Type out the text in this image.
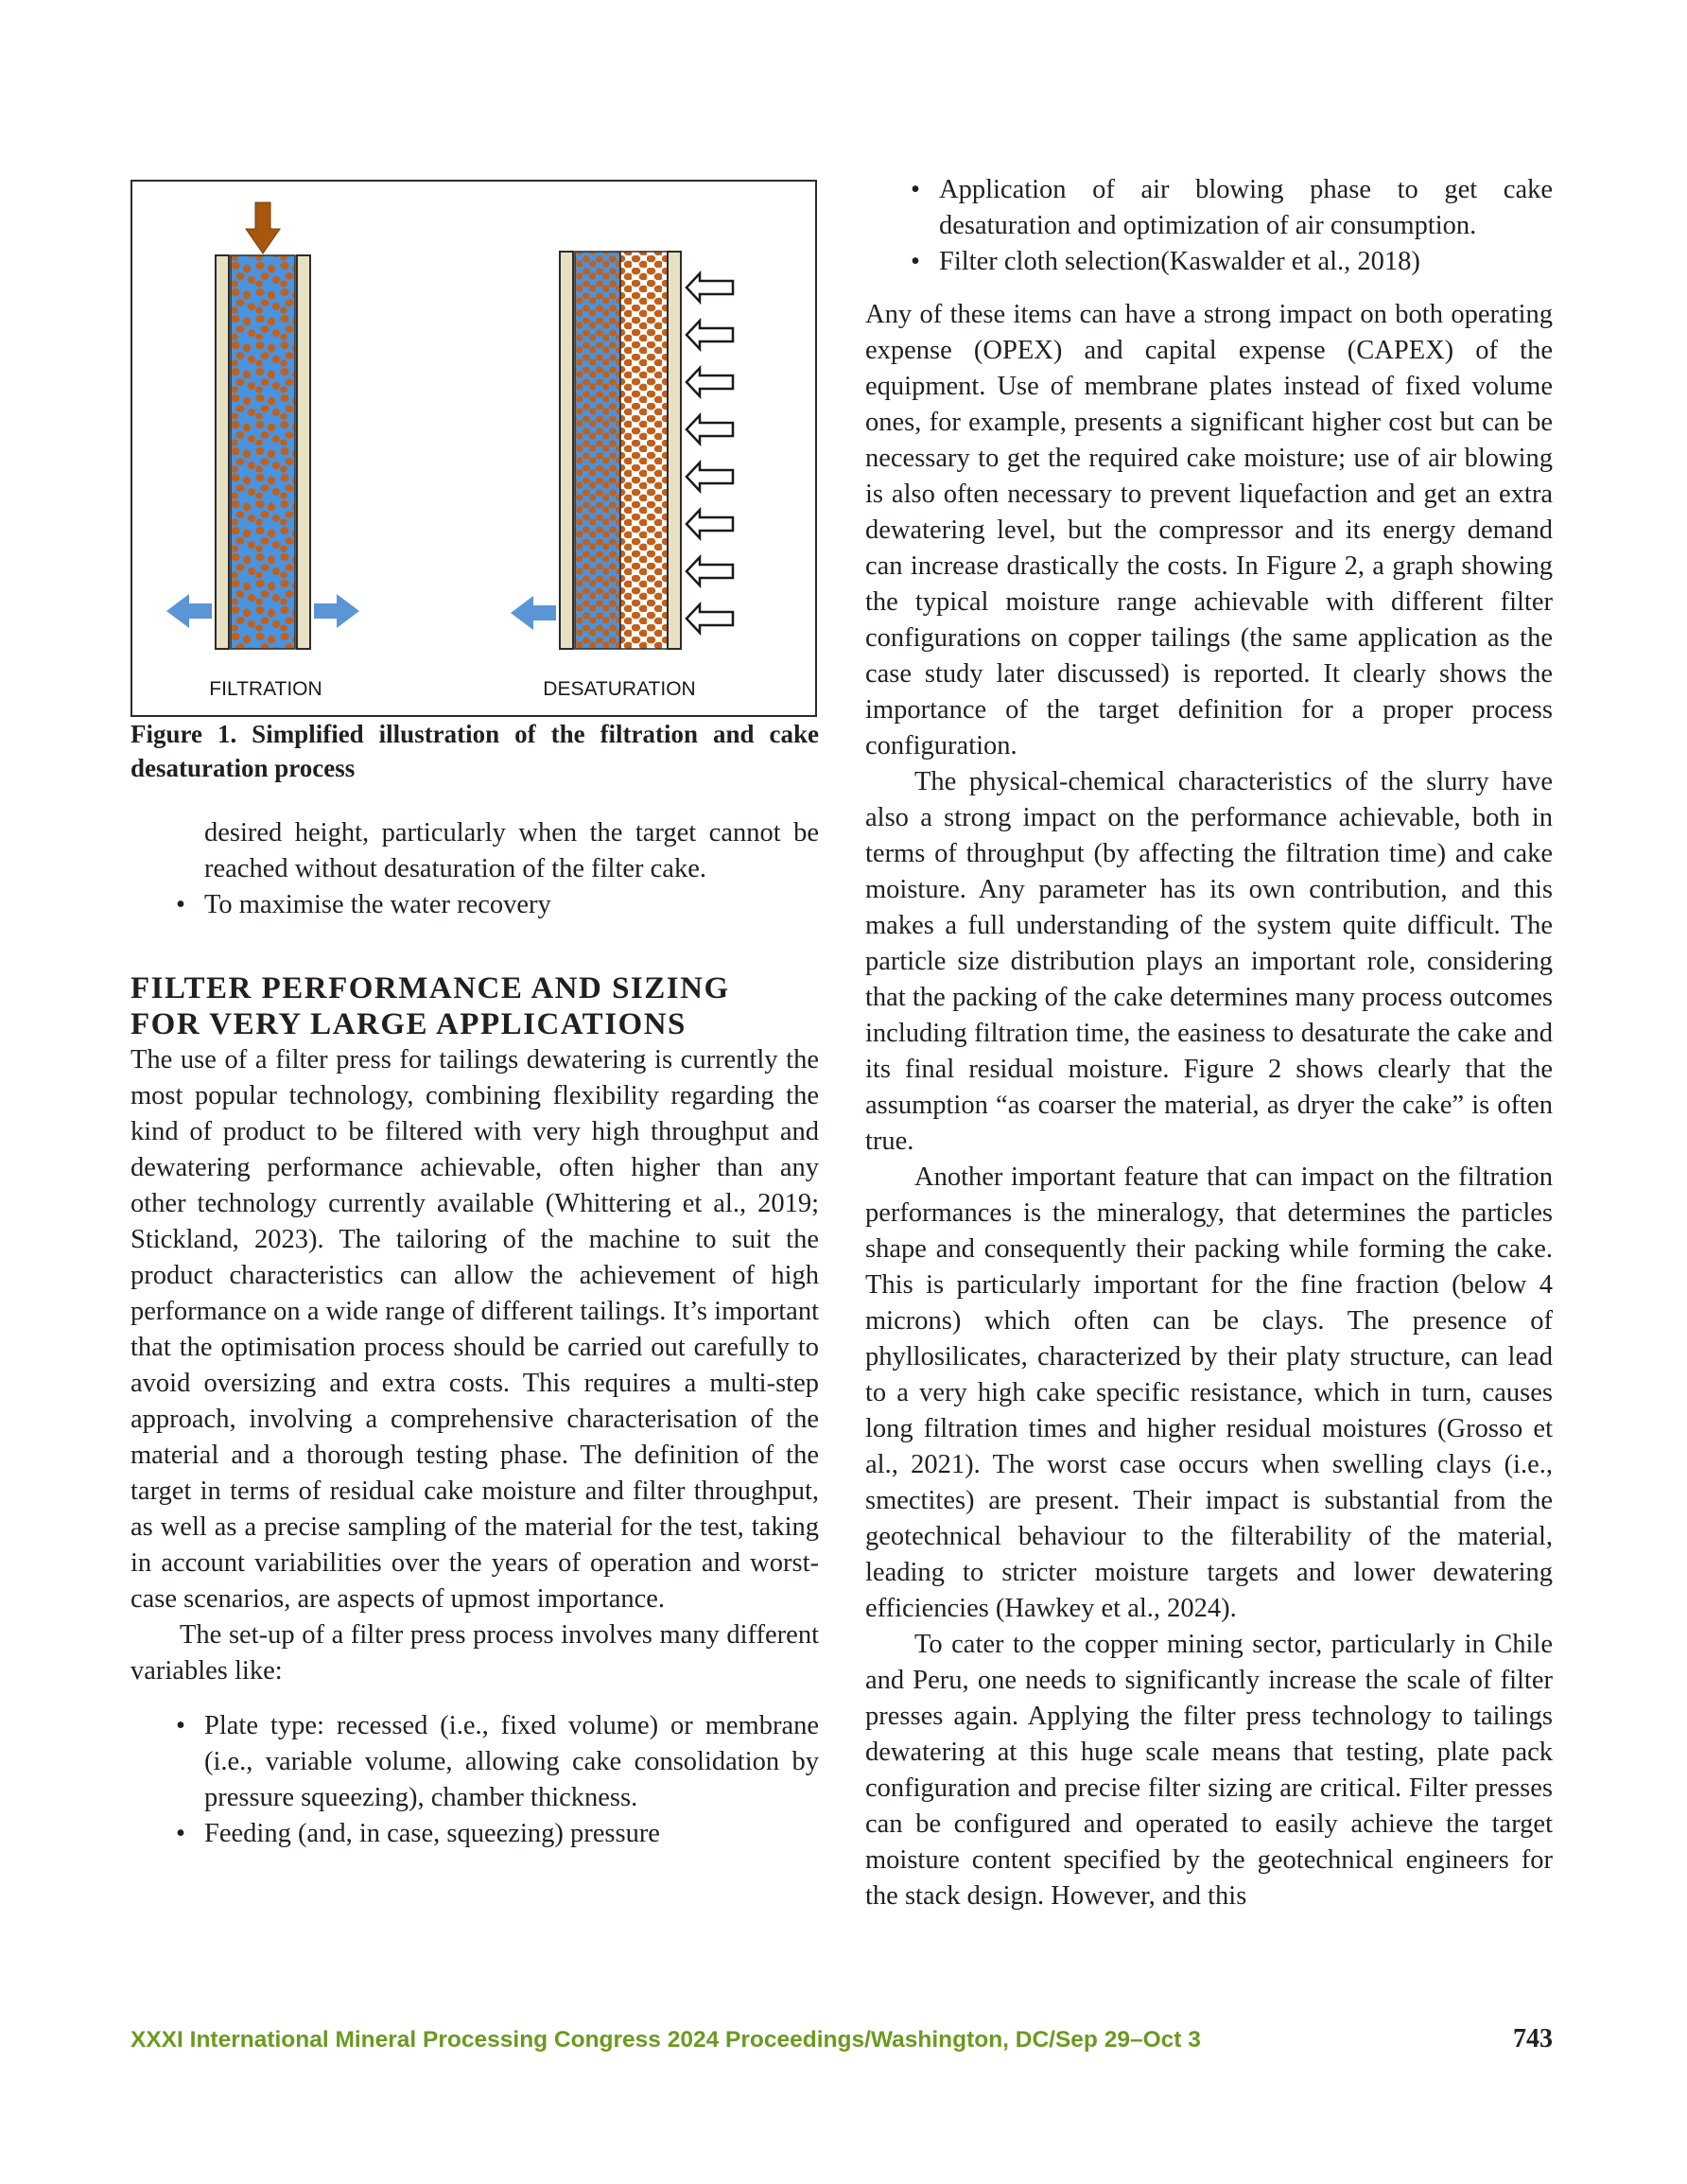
FILTRATION	DESATURATION

Figure 1. Simplified illustration of the filtration and cake desaturation process

desired height, particularly when the target cannot be reached without desaturation of the filter cake.

• To maximise the water recovery
FILTER PERFORMANCE AND SIZING
FOR VERY LARGE APPLICATIONS

The use of a filter press for tailings dewatering is currently the most popular technology, combining flexibility regarding the kind of product to be filtered with very high throughput and dewatering performance achievable, often higher than any other technology currently available (Whittering et al., 2019; Stickland, 2023). The tailoring of the machine to suit the product characteristics can allow the achievement of high performance on a wide range of different tailings. It’s important that the optimisation process should be carried out carefully to avoid oversizing and extra costs. This requires a multi-step approach, involving a comprehensive characterisation of the material and a thorough testing phase. The definition of the target in terms of residual cake moisture and filter throughput, as well as a precise sampling of the material for the test, taking in account variabilities over the years of operation and worst-case scenarios, are aspects of upmost importance.

The set-up of a filter press process involves many different variables like:

• Plate type: recessed (i.e., fixed volume) or membrane (i.e., variable volume, allowing cake consolidation by pressure squeezing), chamber thickness.
• Feeding (and, in case, squeezing) pressure
• Application of air blowing phase to get cake desaturation and optimization of air consumption.
• Filter cloth selection(Kaswalder et al., 2018)

Any of these items can have a strong impact on both operating expense (OPEX) and capital expense (CAPEX) of the equipment. Use of membrane plates instead of fixed volume ones, for example, presents a significant higher cost but can be necessary to get the required cake moisture; use of air blowing is also often necessary to prevent liquefaction and get an extra dewatering level, but the compressor and its energy demand can increase drastically the costs. In Figure 2, a graph showing the typical moisture range achievable with different filter configurations on copper tailings (the same application as the case study later discussed) is reported. It clearly shows the importance of the target definition for a proper process configuration.

The physical-chemical characteristics of the slurry have also a strong impact on the performance achievable, both in terms of throughput (by affecting the filtration time) and cake moisture. Any parameter has its own contribution, and this makes a full understanding of the system quite difficult. The particle size distribution plays an important role, considering that the packing of the cake determines many process outcomes including filtration time, the easiness to desaturate the cake and its final residual moisture. Figure 2 shows clearly that the assumption “as coarser the material, as dryer the cake” is often true.

Another important feature that can impact on the filtration performances is the mineralogy, that determines the particles shape and consequently their packing while forming the cake. This is particularly important for the fine fraction (below 4 microns) which often can be clays. The presence of phyllosilicates, characterized by their platy structure, can lead to a very high cake specific resistance, which in turn, causes long filtration times and higher residual moistures (Grosso et al., 2021). The worst case occurs when swelling clays (i.e., smectites) are present. Their impact is substantial from the geotechnical behaviour to the filterability of the material, leading to stricter moisture targets and lower dewatering efficiencies (Hawkey et al., 2024).

To cater to the copper mining sector, particularly in Chile and Peru, one needs to significantly increase the scale of filter presses again. Applying the filter press technology to tailings dewatering at this huge scale means that testing, plate pack configuration and precise filter sizing are critical. Filter presses can be configured and operated to easily achieve the target moisture content specified by the geotechnical engineers for the stack design. However, and this

XXXI International Mineral Processing Congress 2024 Proceedings/Washington, DC/Sep 29–Oct 3	743
